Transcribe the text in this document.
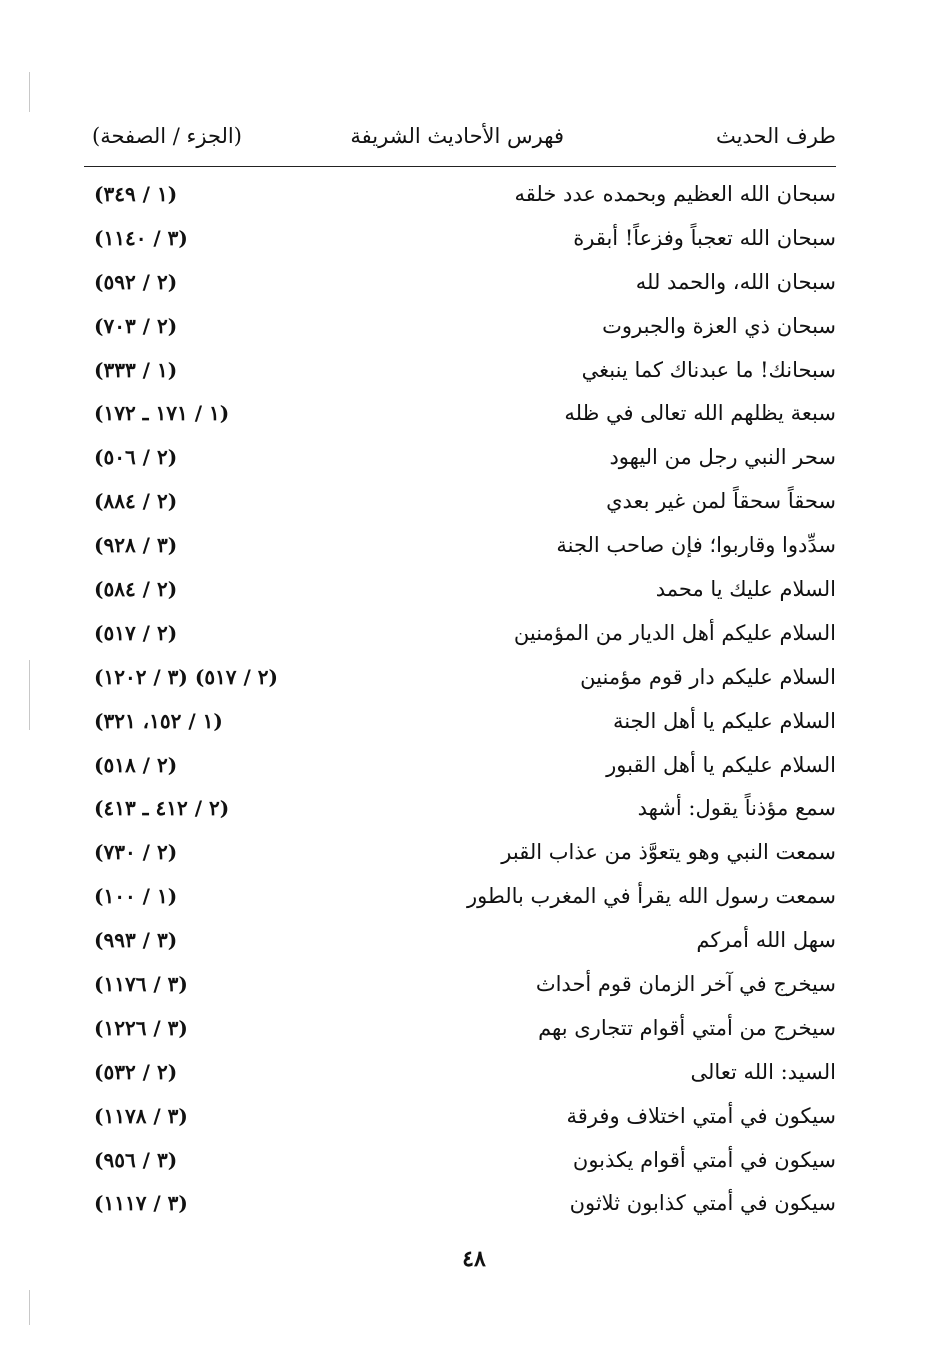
طرف الحديث
فهرس الأحاديث الشريفة
(الجزء / الصفحة)
سبحان الله العظيم وبحمده عدد خلقه
(١ / ٣٤٩)
سبحان الله تعجباً وفزعاً! أبقرة
(٣ / ١١٤٠)
سبحان الله، والحمد لله
(٢ / ٥٩٢)
سبحان ذي العزة والجبروت
(٢ / ٧٠٣)
سبحانك! ما عبدناك كما ينبغي
(١ / ٣٣٣)
سبعة يظلهم الله تعالى في ظله
(١ / ١٧١ ـ ١٧٢)
سحر النبي رجل من اليهود
(٢ / ٥٠٦)
سحقاً سحقاً لمن غير بعدي
(٢ / ٨٨٤)
سدِّدوا وقاربوا؛ فإن صاحب الجنة
(٣ / ٩٢٨)
السلام عليك يا محمد
(٢ / ٥٨٤)
السلام عليكم أهل الديار من المؤمنين
(٢ / ٥١٧)
السلام عليكم دار قوم مؤمنين
(٢ / ٥١٧) (٣ / ١٢٠٢)
السلام عليكم يا أهل الجنة
(١ / ١٥٢، ٣٢١)
السلام عليكم يا أهل القبور
(٢ / ٥١٨)
سمع مؤذناً يقول: أشهد
(٢ / ٤١٢ ـ ٤١٣)
سمعت النبي وهو يتعوَّذ من عذاب القبر
(٢ / ٧٣٠)
سمعت رسول الله يقرأ في المغرب بالطور
(١ / ١٠٠)
سهل الله أمركم
(٣ / ٩٩٣)
سيخرج في آخر الزمان قوم أحداث
(٣ / ١١٧٦)
سيخرج من أمتي أقوام تتجارى بهم
(٣ / ١٢٢٦)
السيد: الله تعالى
(٢ / ٥٣٢)
سيكون في أمتي اختلاف وفرقة
(٣ / ١١٧٨)
سيكون في أمتي أقوام يكذبون
(٣ / ٩٥٦)
سيكون في أمتي كذابون ثلاثون
(٣ / ١١١٧)
٤٨
